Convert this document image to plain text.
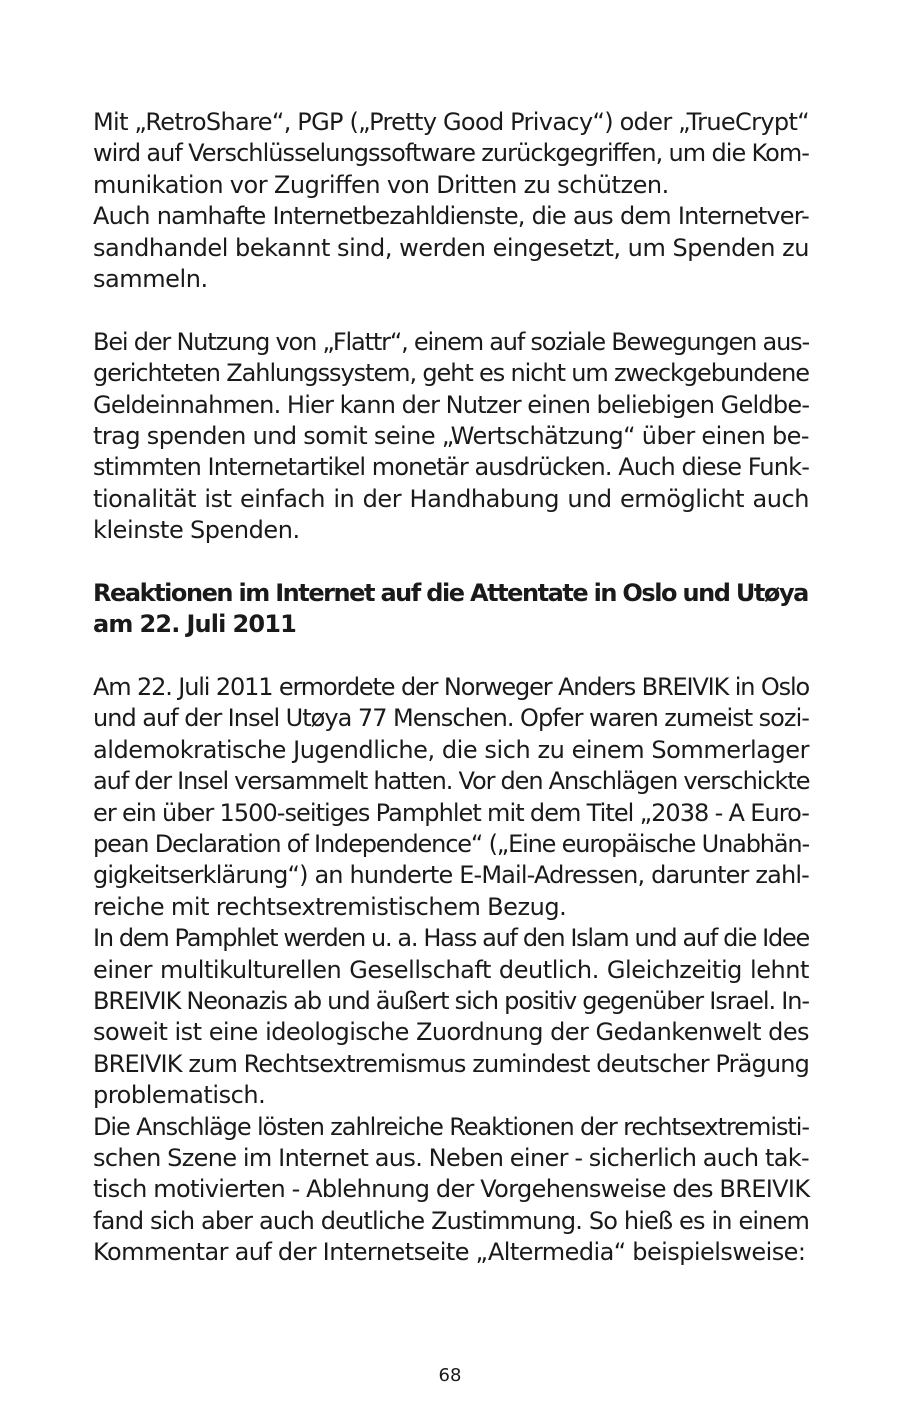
Mit „RetroShare“, PGP („Pretty Good Privacy“) oder „TrueCrypt“
wird auf Verschlüsselungssoftware zurückgegriffen, um die Kom-
munikation vor Zugriffen von Dritten zu schützen.
Auch namhafte Internetbezahldienste, die aus dem Internetver-
sandhandel bekannt sind, werden eingesetzt, um Spenden zu
sammeln.
Bei der Nutzung von „Flattr“, einem auf soziale Bewegungen aus-
gerichteten Zahlungssystem, geht es nicht um zweckgebundene
Geldeinnahmen. Hier kann der Nutzer einen beliebigen Geldbe-
trag spenden und somit seine „Wertschätzung“ über einen be-
stimmten Internetartikel monetär ausdrücken. Auch diese Funk-
tionalität ist einfach in der Handhabung und ermöglicht auch
kleinste Spenden.
Reaktionen im Internet auf die Attentate in Oslo und Utøya
am 22. Juli 2011
Am 22. Juli 2011 ermordete der Norweger Anders BREIVIK in Oslo
und auf der Insel Utøya 77 Menschen. Opfer waren zumeist sozi-
aldemokratische Jugendliche, die sich zu einem Sommerlager
auf der Insel versammelt hatten. Vor den Anschlägen verschickte
er ein über 1500-seitiges Pamphlet mit dem Titel „2038 - A Euro-
pean Declaration of Independence“ („Eine europäische Unabhän-
gigkeitserklärung“) an hunderte E-Mail-Adressen, darunter zahl-
reiche mit rechtsextremistischem Bezug.
In dem Pamphlet werden u. a. Hass auf den Islam und auf die Idee
einer multikulturellen Gesellschaft deutlich. Gleichzeitig lehnt
BREIVIK Neonazis ab und äußert sich positiv gegenüber Israel. In-
soweit ist eine ideologische Zuordnung der Gedankenwelt des
BREIVIK zum Rechtsextremismus zumindest deutscher Prägung
problematisch.
Die Anschläge lösten zahlreiche Reaktionen der rechtsextremisti-
schen Szene im Internet aus. Neben einer - sicherlich auch tak-
tisch motivierten - Ablehnung der Vorgehensweise des BREIVIK
fand sich aber auch deutliche Zustimmung. So hieß es in einem
Kommentar auf der Internetseite „Altermedia“ beispielsweise:
68
